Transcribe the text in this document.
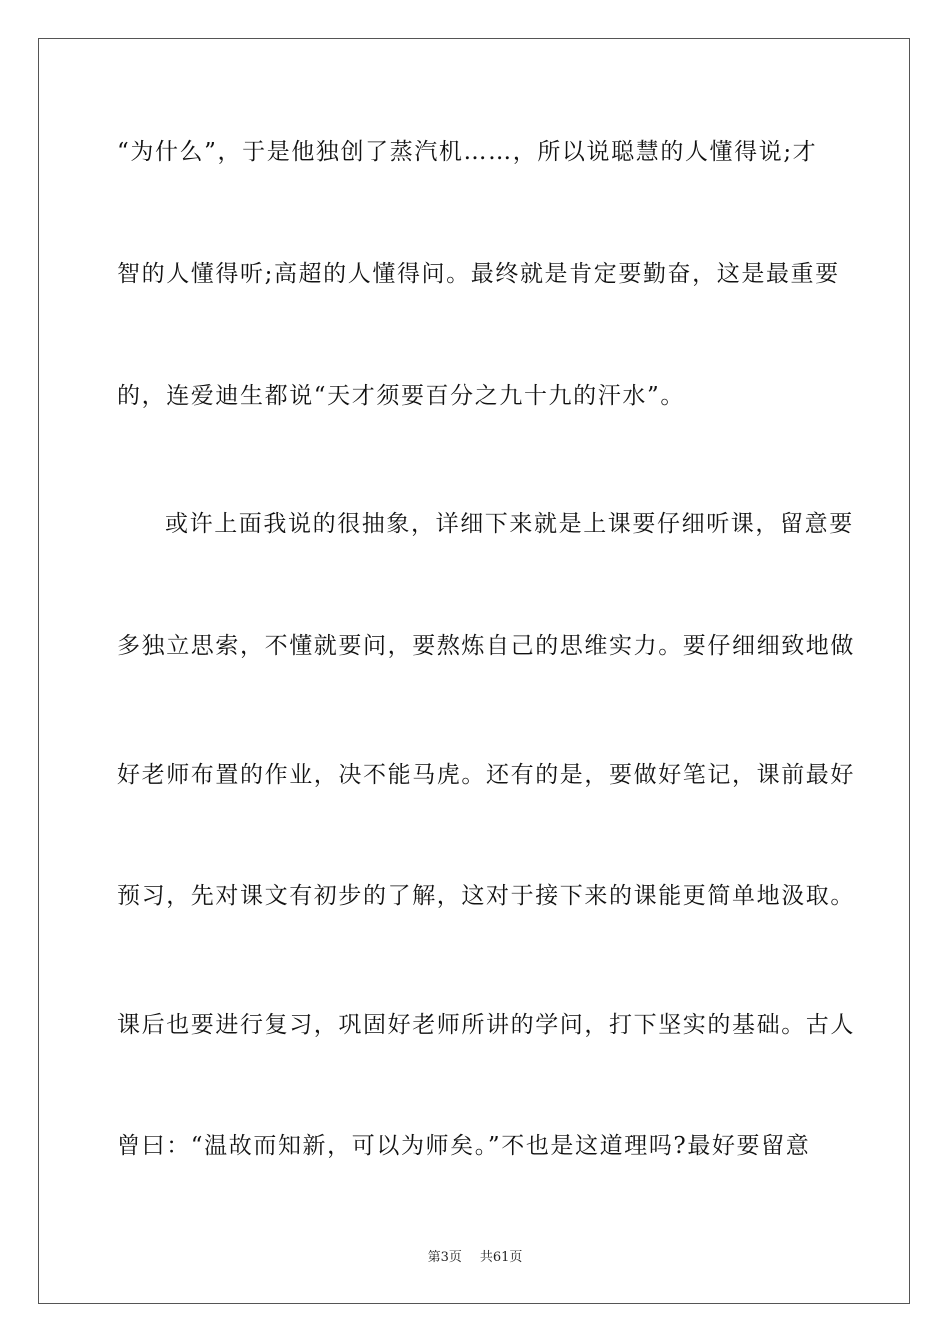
“为什么”，于是他独创了蒸汽机……，所以说聪慧的人懂得说;才
智的人懂得听;高超的人懂得问。最终就是肯定要勤奋，这是最重要
的，连爱迪生都说“天才须要百分之九十九的汗水”。
或许上面我说的很抽象，详细下来就是上课要仔细听课，留意要
多独立思索，不懂就要问，要熬炼自己的思维实力。要仔细细致地做
好老师布置的作业，决不能马虎。还有的是，要做好笔记，课前最好
预习，先对课文有初步的了解，这对于接下来的课能更简单地汲取。
课后也要进行复习，巩固好老师所讲的学问，打下坚实的基础。古人
曾曰：“温故而知新，可以为师矣。”不也是这道理吗?最好要留意
第3页 共61页
